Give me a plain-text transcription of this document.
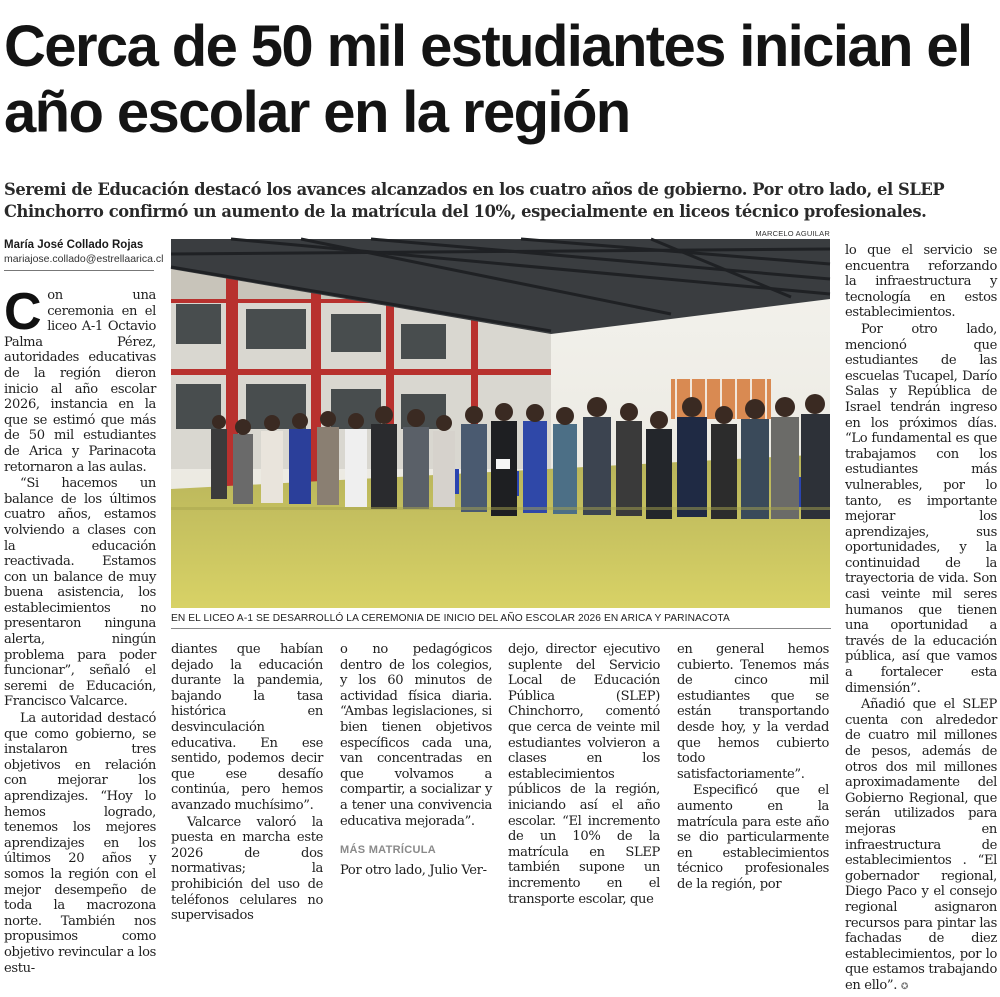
Cerca de 50 mil estudiantes inician el año escolar en la región
Seremi de Educación destacó los avances alcanzados en los cuatro años de gobierno. Por otro lado, el SLEP Chinchorro confirmó un aumento de la matrícula del 10%, especialmente en liceos técnico profesionales.
María José Collado Rojas
mariajose.collado@estrellaarica.cl
MARCELO AGUILAR
EN EL LICEO A-1 SE DESARROLLÓ LA CEREMONIA DE INICIO DEL AÑO ESCOLAR 2026 EN ARICA Y PARINACOTA

C on una ceremonia en el liceo A-1 Octavio Palma Pérez, autoridades educativas de la región dieron inicio al año escolar 2026, instancia en la que se estimó que más de 50 mil estudiantes de Arica y Parinacota retornaron a las aulas.

“Si hacemos un balance de los últimos cuatro años, estamos volviendo a clases con la educación reactivada. Estamos con un balance de muy buena asistencia, los establecimientos no presentaron ninguna alerta, ningún problema para poder funcionar”, señaló el seremi de Educación, Francisco Valcarce.

La autoridad destacó que como gobierno, se instalaron tres objetivos en relación con mejorar los aprendizajes. “Hoy lo hemos logrado, tenemos los mejores aprendizajes en los últimos 20 años y somos la región con el mejor desempeño de toda la macrozona norte. También nos propusimos como objetivo revincular a los estu-

diantes que habían dejado la educación durante la pandemia, bajando la tasa histórica en desvinculación educativa. En ese sentido, podemos decir que ese desafío continúa, pero hemos avanzado muchísimo”.

Valcarce valoró la puesta en marcha este 2026 de dos normativas; la prohibición del uso de teléfonos celulares no supervisados

o no pedagógicos dentro de los colegios, y los 60 minutos de actividad física diaria. “Ambas legislaciones, si bien tienen objetivos específicos cada una, van concentradas en que volvamos a compartir, a socializar y a tener una convivencia educativa mejorada”.

MÁS MATRÍCULA

Por otro lado, Julio Ver-

dejo, director ejecutivo suplente del Servicio Local de Educación Pública (SLEP) Chinchorro, comentó que cerca de veinte mil estudiantes volvieron a clases en los establecimientos públicos de la región, iniciando así el año escolar. “El incremento de un 10% de la matrícula en SLEP también supone un incremento en el transporte escolar, que

en general hemos cubierto. Tenemos más de cinco mil estudiantes que se están transportando desde hoy, y la verdad que hemos cubierto todo satisfactoriamente”.

Especificó que el aumento en la matrícula para este año se dio particularmente en establecimientos técnico profesionales de la región, por

lo que el servicio se encuentra reforzando la infraestructura y tecnología en estos establecimientos.

Por otro lado, mencionó que estudiantes de las escuelas Tucapel, Darío Salas y República de Israel tendrán ingreso en los próximos días. “Lo fundamental es que trabajamos con los estudiantes más vulnerables, por lo tanto, es importante mejorar los aprendizajes, sus oportunidades, y la continuidad de la trayectoria de vida. Son casi veinte mil seres humanos que tienen una oportunidad a través de la educación pública, así que vamos a fortalecer esta dimensión”.

Añadió que el SLEP cuenta con alrededor de cuatro mil millones de pesos, además de otros dos mil millones aproximadamente del Gobierno Regional, que serán utilizados para mejoras en infraestructura de establecimientos . “El gobernador regional, Diego Paco y el consejo regional asignaron recursos para pintar las fachadas de diez establecimientos, por lo que estamos trabajando en ello”. ✪
